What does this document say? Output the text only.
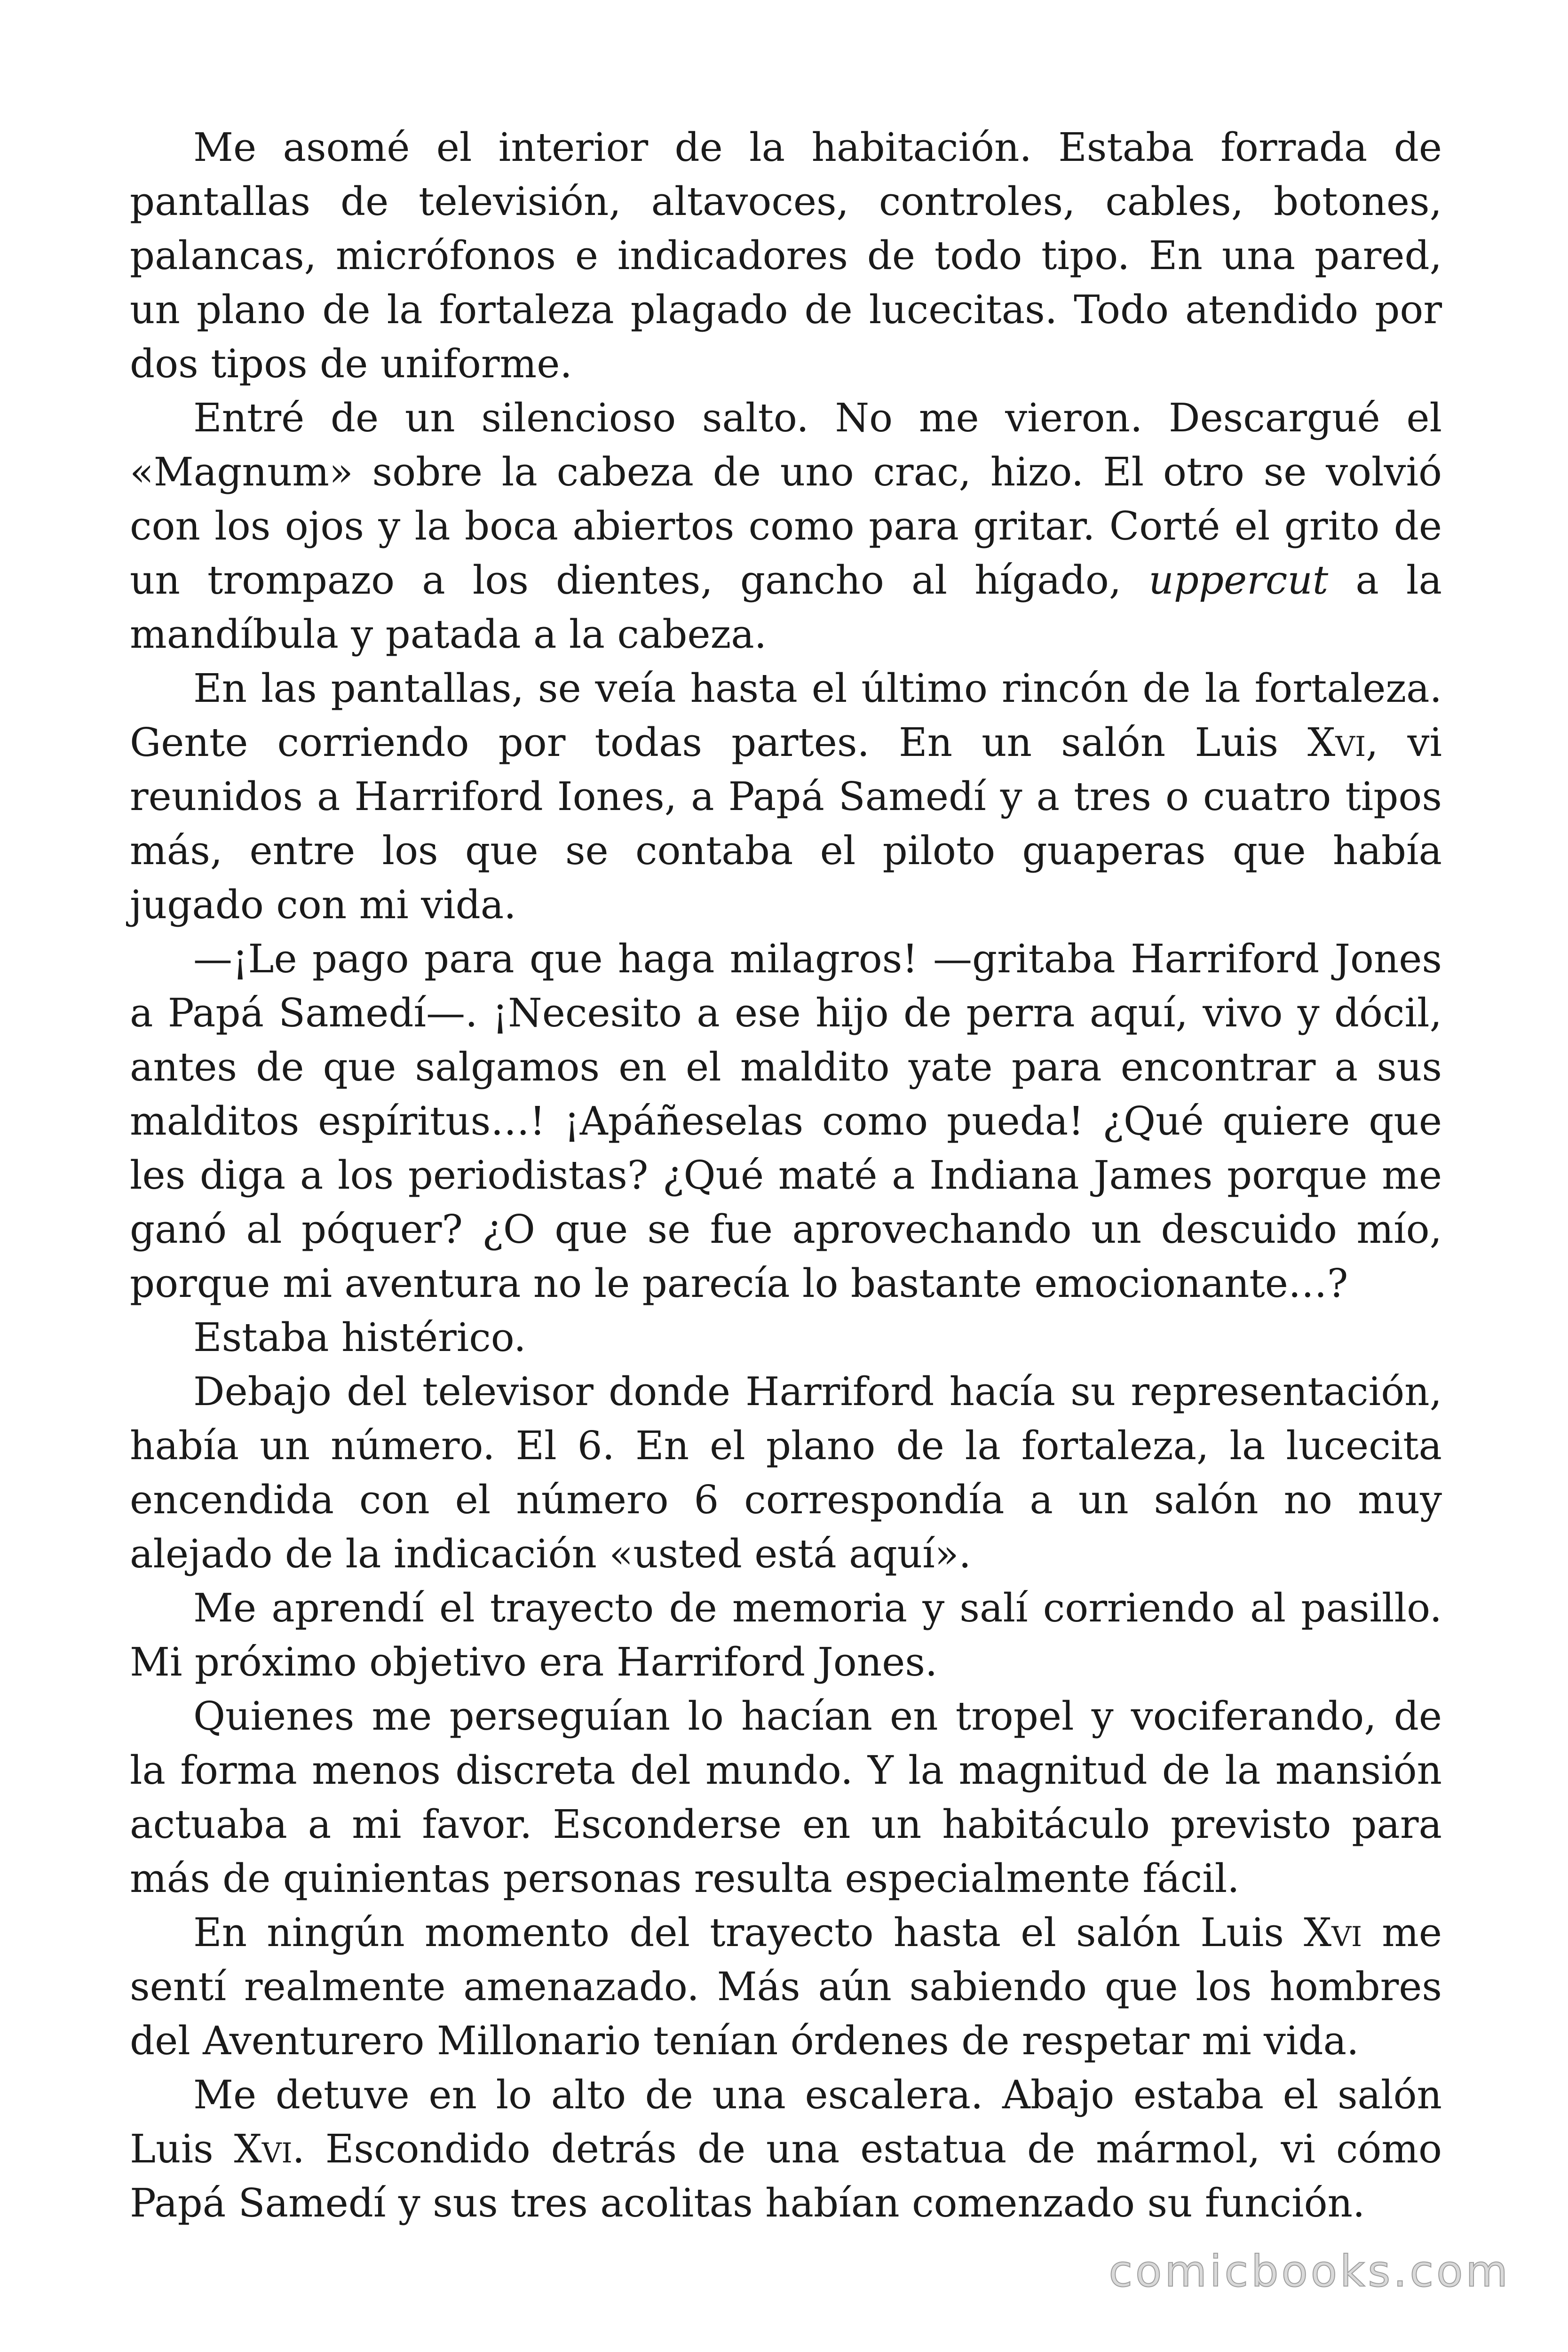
Me asomé el interior de la habitación. Estaba forrada de pantallas de televisión, altavoces, controles, cables, botones, palancas, micrófonos e indicadores de todo tipo. En una pared, un plano de la fortaleza plagado de lucecitas. Todo atendido por dos tipos de uniforme.

Entré de un silencioso salto. No me vieron. Descargué el «Magnum» sobre la cabeza de uno crac, hizo. El otro se volvió con los ojos y la boca abiertos como para gritar. Corté el grito de un trompazo a los dientes, gancho al hígado, uppercut a la mandíbula y patada a la cabeza.

En las pantallas, se veía hasta el último rincón de la fortaleza. Gente corriendo por todas partes. En un salón Luis Xvi, vi reunidos a Harriford Iones, a Papá Samedí y a tres o cuatro tipos más, entre los que se contaba el piloto guaperas que había jugado con mi vida.

—¡Le pago para que haga milagros! —gritaba Harriford Jones a Papá Samedí—. ¡Necesito a ese hijo de perra aquí, vivo y dócil, antes de que salgamos en el maldito yate para encontrar a sus malditos espíritus…! ¡Apáñeselas como pueda! ¿Qué quiere que les diga a los periodistas? ¿Qué maté a Indiana James porque me ganó al póquer? ¿O que se fue aprovechando un descuido mío, porque mi aventura no le parecía lo bastante emocionante…?

Estaba histérico.

Debajo del televisor donde Harriford hacía su representación, había un número. El 6. En el plano de la fortaleza, la lucecita encendida con el número 6 correspondía a un salón no muy alejado de la indicación «usted está aquí».

Me aprendí el trayecto de memoria y salí corriendo al pasillo. Mi próximo objetivo era Harriford Jones.

Quienes me perseguían lo hacían en tropel y vociferando, de la forma menos discreta del mundo. Y la magnitud de la mansión actuaba a mi favor. Esconderse en un habitáculo previsto para más de quinientas personas resulta especialmente fácil.

En ningún momento del trayecto hasta el salón Luis Xvi me sentí realmente amenazado. Más aún sabiendo que los hombres del Aventurero Millonario tenían órdenes de respetar mi vida.

Me detuve en lo alto de una escalera. Abajo estaba el salón Luis Xvi. Escondido detrás de una estatua de mármol, vi cómo Papá Samedí y sus tres acolitas habían comenzado su función.

comicbooks.com
